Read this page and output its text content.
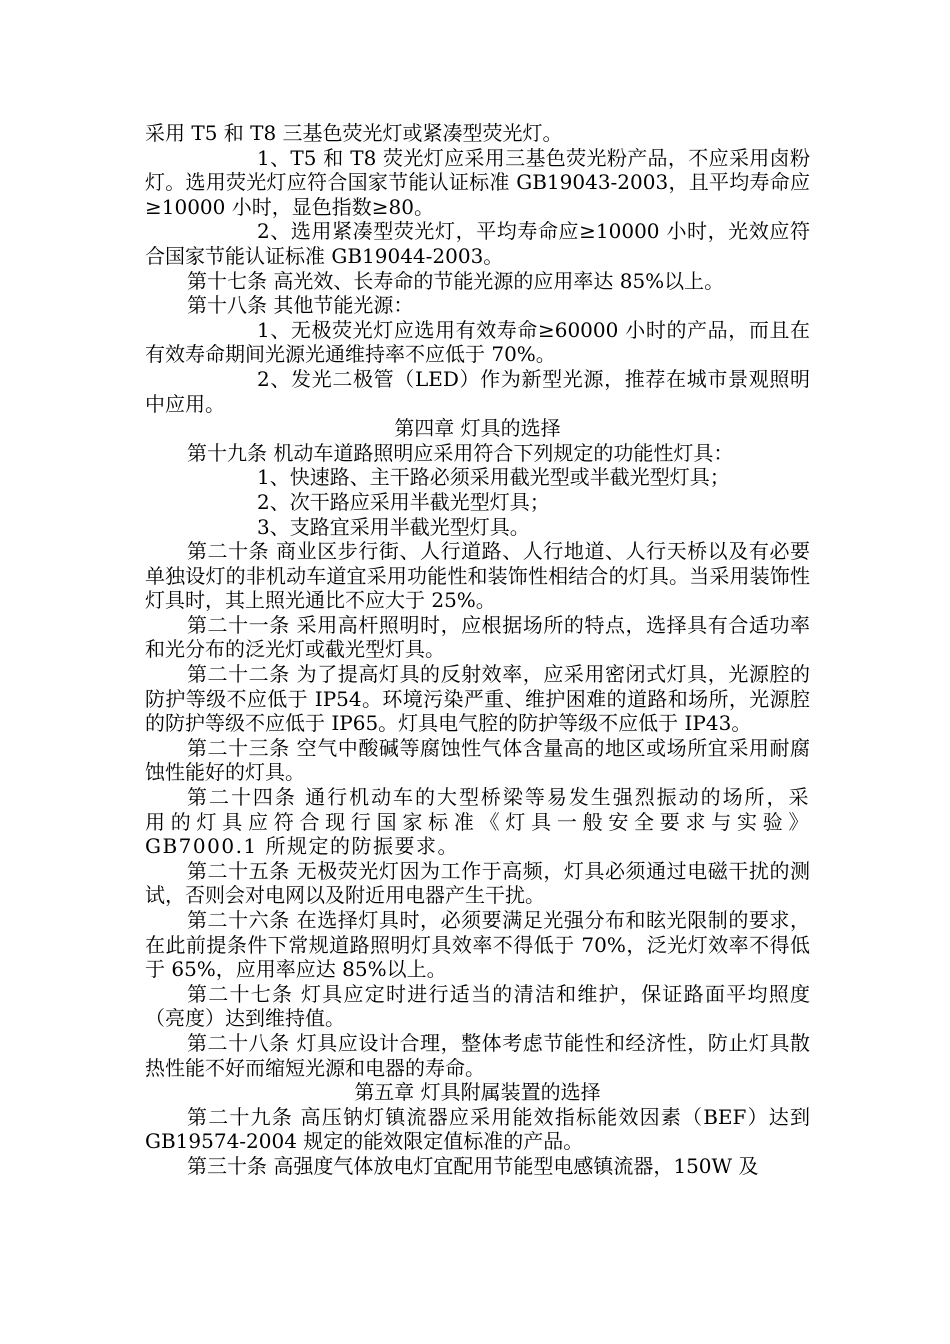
采用 T5 和 T8 三基色荧光灯或紧凑型荧光灯。

1、T5 和 T8 荧光灯应采用三基色荧光粉产品，不应采用卤粉灯。选用荧光灯应符合国家节能认证标准 GB19043-2003，且平均寿命应≥10000 小时，显色指数≥80。

2、选用紧凑型荧光灯，平均寿命应≥10000 小时，光效应符合国家节能认证标准 GB19044-2003。

第十七条 高光效、长寿命的节能光源的应用率达 85%以上。

第十八条 其他节能光源：

1、无极荧光灯应选用有效寿命≥60000 小时的产品，而且在有效寿命期间光源光通维持率不应低于 70%。

2、发光二极管（LED）作为新型光源，推荐在城市景观照明中应用。

第四章 灯具的选择

第十九条 机动车道路照明应采用符合下列规定的功能性灯具：

1、快速路、主干路必须采用截光型或半截光型灯具；

2、次干路应采用半截光型灯具；

3、支路宜采用半截光型灯具。

第二十条 商业区步行街、人行道路、人行地道、人行天桥以及有必要单独设灯的非机动车道宜采用功能性和装饰性相结合的灯具。当采用装饰性灯具时，其上照光通比不应大于 25%。

第二十一条 采用高杆照明时，应根据场所的特点，选择具有合适功率和光分布的泛光灯或截光型灯具。

第二十二条 为了提高灯具的反射效率，应采用密闭式灯具，光源腔的防护等级不应低于 IP54。环境污染严重、维护困难的道路和场所，光源腔的防护等级不应低于 IP65。灯具电气腔的防护等级不应低于 IP43。

第二十三条 空气中酸碱等腐蚀性气体含量高的地区或场所宜采用耐腐蚀性能好的灯具。

第二十四条 通行机动车的大型桥梁等易发生强烈振动的场所，采用的灯具应符合现行国家标准《灯具一般安全要求与实验》GB7000.1 所规定的防振要求。

第二十五条 无极荧光灯因为工作于高频，灯具必须通过电磁干扰的测试，否则会对电网以及附近用电器产生干扰。

第二十六条 在选择灯具时，必须要满足光强分布和眩光限制的要求，在此前提条件下常规道路照明灯具效率不得低于 70%，泛光灯效率不得低于 65%，应用率应达 85%以上。

第二十七条 灯具应定时进行适当的清洁和维护，保证路面平均照度（亮度）达到维持值。

第二十八条 灯具应设计合理，整体考虑节能性和经济性，防止灯具散热性能不好而缩短光源和电器的寿命。

第五章 灯具附属装置的选择

第二十九条 高压钠灯镇流器应采用能效指标能效因素（BEF）达到 GB19574-2004 规定的能效限定值标准的产品。

第三十条 高强度气体放电灯宜配用节能型电感镇流器，150W 及
